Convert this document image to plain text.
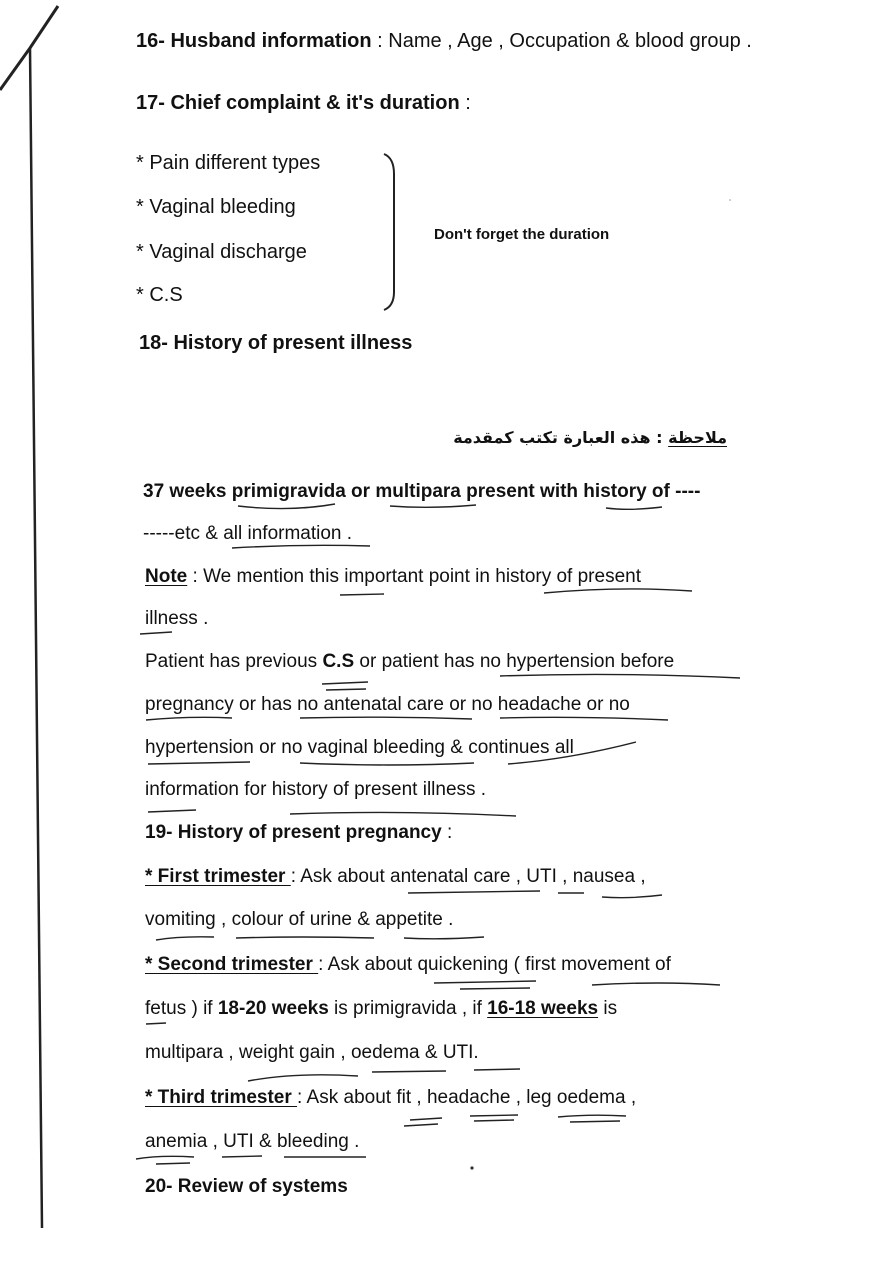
16- Husband information : Name , Age , Occupation & blood group .
17- Chief complaint & it's duration :
* Pain different types
* Vaginal bleeding
* Vaginal discharge
* C.S
Don't forget the duration
18- History of present illness
ملاحظة : هذه العبارة تكتب كمقدمة
37 weeks primigravida or multipara present with history of ----
-----etc & all information .
Note : We mention this important point in history of present
illness .
Patient has previous C.S or patient has no hypertension before
pregnancy or has no antenatal care or no headache or no
hypertension or no vaginal bleeding & continues all
information for history of present illness .
19- History of present pregnancy :
* First trimester : Ask about antenatal care , UTI , nausea ,
vomiting , colour of urine & appetite .
* Second trimester : Ask about quickening ( first movement of
fetus ) if 18-20 weeks is primigravida , if 16-18 weeks is
multipara , weight gain , oedema & UTI.
* Third trimester : Ask about fit , headache , leg oedema ,
anemia , UTI & bleeding .
20- Review of systems
